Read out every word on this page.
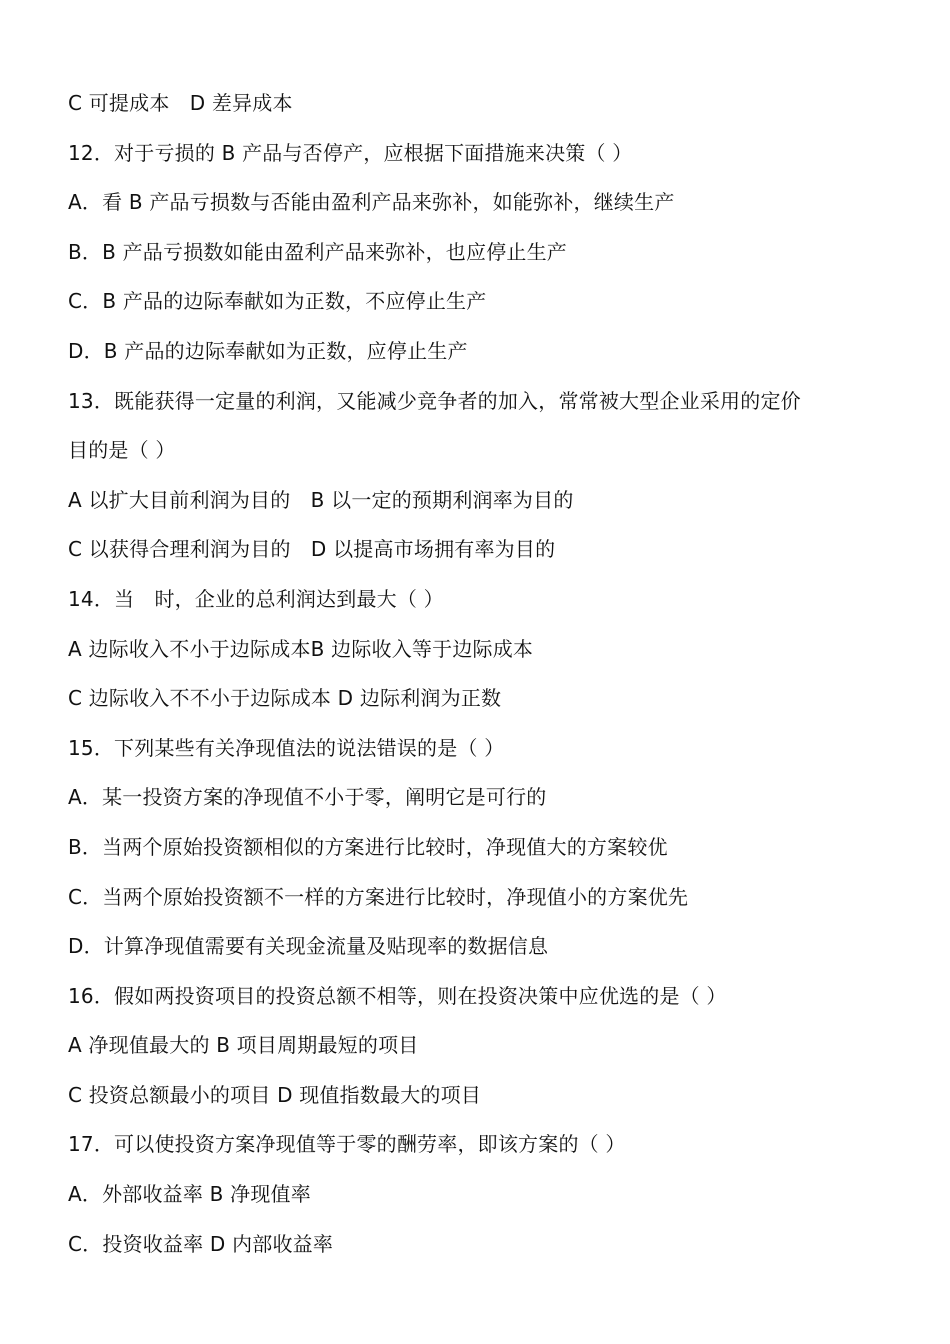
C 可提成本　D 差异成本
12．对于亏损的 B 产品与否停产，应根据下面措施来决策（ ）
A．看 B 产品亏损数与否能由盈利产品来弥补，如能弥补，继续生产
B．B 产品亏损数如能由盈利产品来弥补，也应停止生产
C．B 产品的边际奉献如为正数，不应停止生产
D．B 产品的边际奉献如为正数，应停止生产
13．既能获得一定量的利润，又能减少竞争者的加入，常常被大型企业采用的定价
目的是（ ）
A 以扩大目前利润为目的　B 以一定的预期利润率为目的
C 以获得合理利润为目的　D 以提高市场拥有率为目的
14．当　时，企业的总利润达到最大（ ）
A 边际收入不小于边际成本B 边际收入等于边际成本
C 边际收入不不小于边际成本 D 边际利润为正数
15．下列某些有关净现值法的说法错误的是（ ）
A．某一投资方案的净现值不小于零，阐明它是可行的
B．当两个原始投资额相似的方案进行比较时，净现值大的方案较优
C．当两个原始投资额不一样的方案进行比较时，净现值小的方案优先
D．计算净现值需要有关现金流量及贴现率的数据信息
16．假如两投资项目的投资总额不相等，则在投资决策中应优选的是（ ）
A 净现值最大的 B 项目周期最短的项目
C 投资总额最小的项目 D 现值指数最大的项目
17．可以使投资方案净现值等于零的酬劳率，即该方案的（ ）
A．外部收益率 B 净现值率
C．投资收益率 D 内部收益率
